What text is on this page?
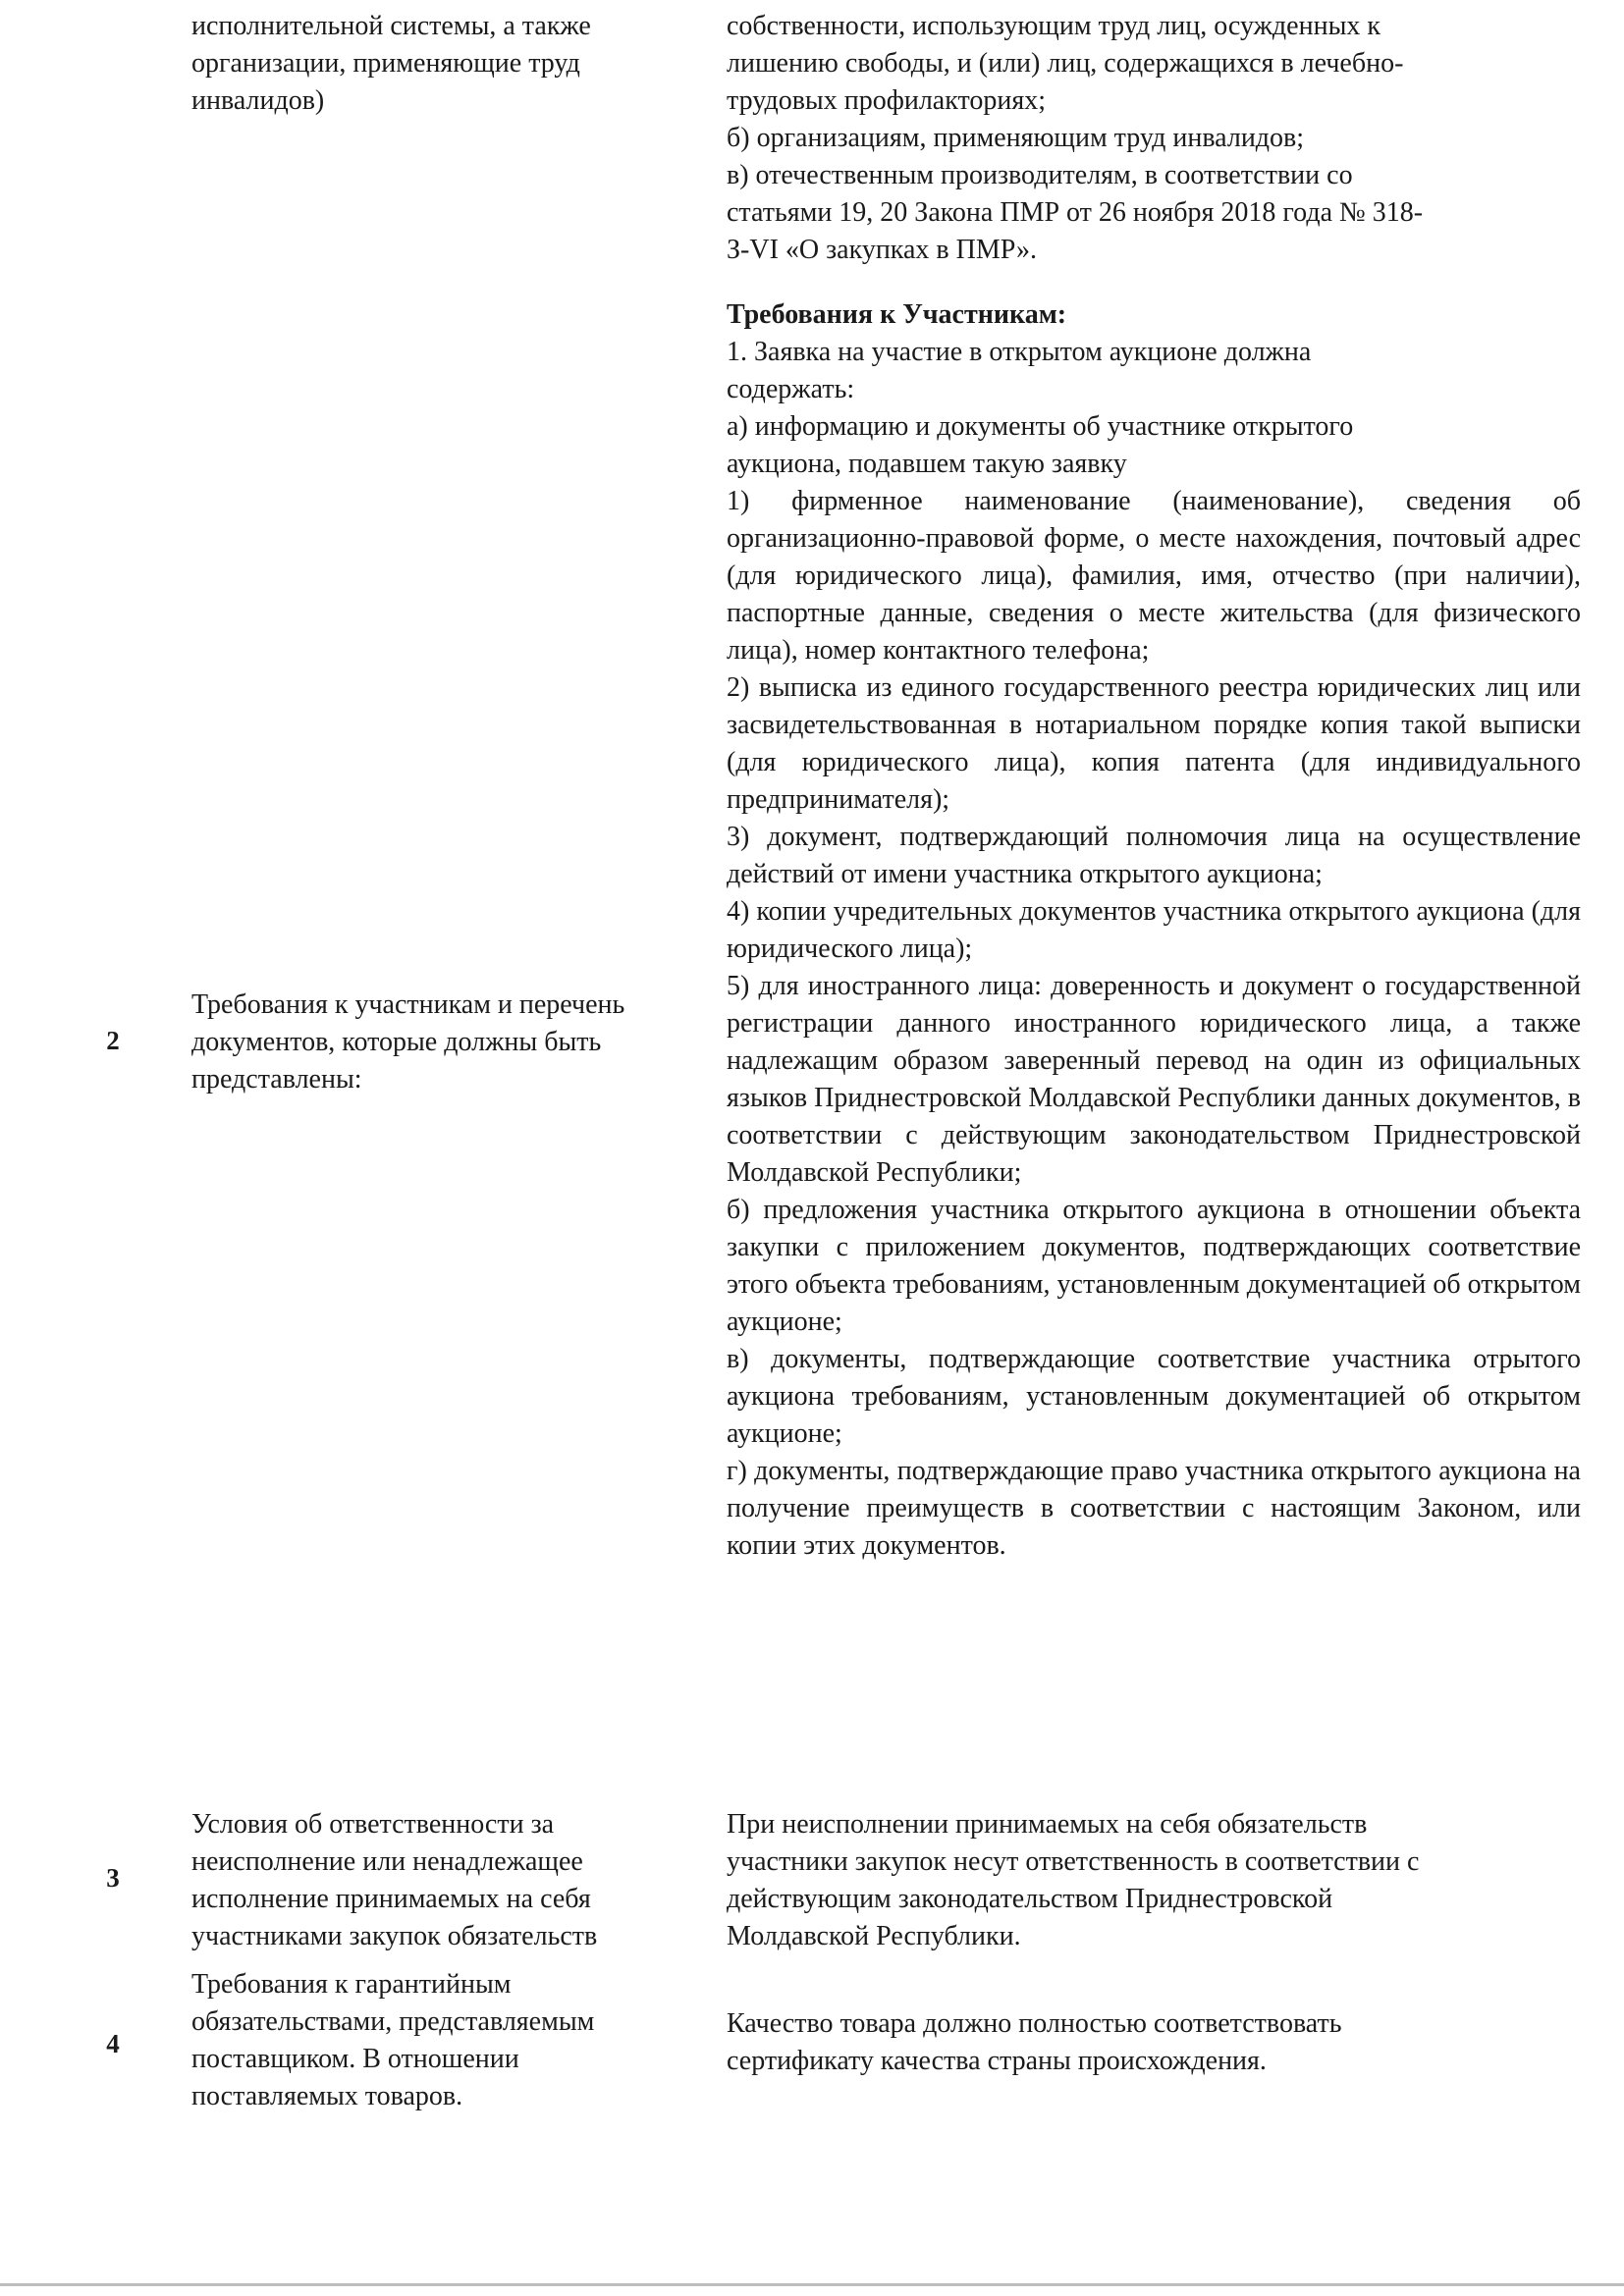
исполнительной системы, а также
организации, применяющие труд
инвалидов)

собственности, использующим труд лиц, осужденных к

лишению свободы, и (или) лиц, содержащихся в лечебно-

трудовых профилакториях;

б) организациям, применяющим труд инвалидов;

в) отечественным производителям, в соответствии со

статьями 19, 20 Закона ПМР от 26 ноября 2018 года № 318-

З-VI «О закупках в ПМР».

2
Требования к участникам и перечень
документов, которые должны быть
представлены:

Требования к Участникам:

1. Заявка на участие в открытом аукционе должна

содержать:

а) информацию и документы об участнике открытого

аукциона, подавшем такую заявку

1) фирменное наименование (наименование), сведения об организационно-правовой форме, о месте нахождения, почтовый адрес (для юридического лица), фамилия, имя, отчество (при наличии), паспортные данные, сведения о месте жительства (для физического лица), номер контактного телефона;

2) выписка из единого государственного реестра юридических лиц или засвидетельствованная в нотариальном порядке копия такой выписки (для юридического лица), копия патента (для индивидуального предпринимателя);

3) документ, подтверждающий полномочия лица на осуществление действий от имени участника открытого аукциона;

4) копии учредительных документов участника открытого аукциона (для юридического лица);

5) для иностранного лица: доверенность и документ о государственной регистрации данного иностранного юридического лица, а также надлежащим образом заверенный перевод на один из официальных языков Приднестровской Молдавской Республики данных документов, в соответствии с действующим законодательством Приднестровской Молдавской Республики;

б) предложения участника открытого аукциона в отношении объекта закупки с приложением документов, подтверждающих соответствие этого объекта требованиям, установленным документацией об открытом аукционе;

в) документы, подтверждающие соответствие участника отрытого аукциона требованиям, установленным документацией об открытом аукционе;

г) документы, подтверждающие право участника открытого аукциона на получение преимуществ в соответствии с настоящим Законом, или копии этих документов.

3
Условия об ответственности за
неисполнение или ненадлежащее
исполнение принимаемых на себя
участниками закупок обязательств

При неисполнении принимаемых на себя обязательств

участники закупок несут ответственность в соответствии с

действующим законодательством Приднестровской

Молдавской Республики.

4
Требования к гарантийным
обязательствами, представляемым
поставщиком. В отношении
поставляемых товаров.

Качество товара должно полностью соответствовать

сертификату качества страны происхождения.
